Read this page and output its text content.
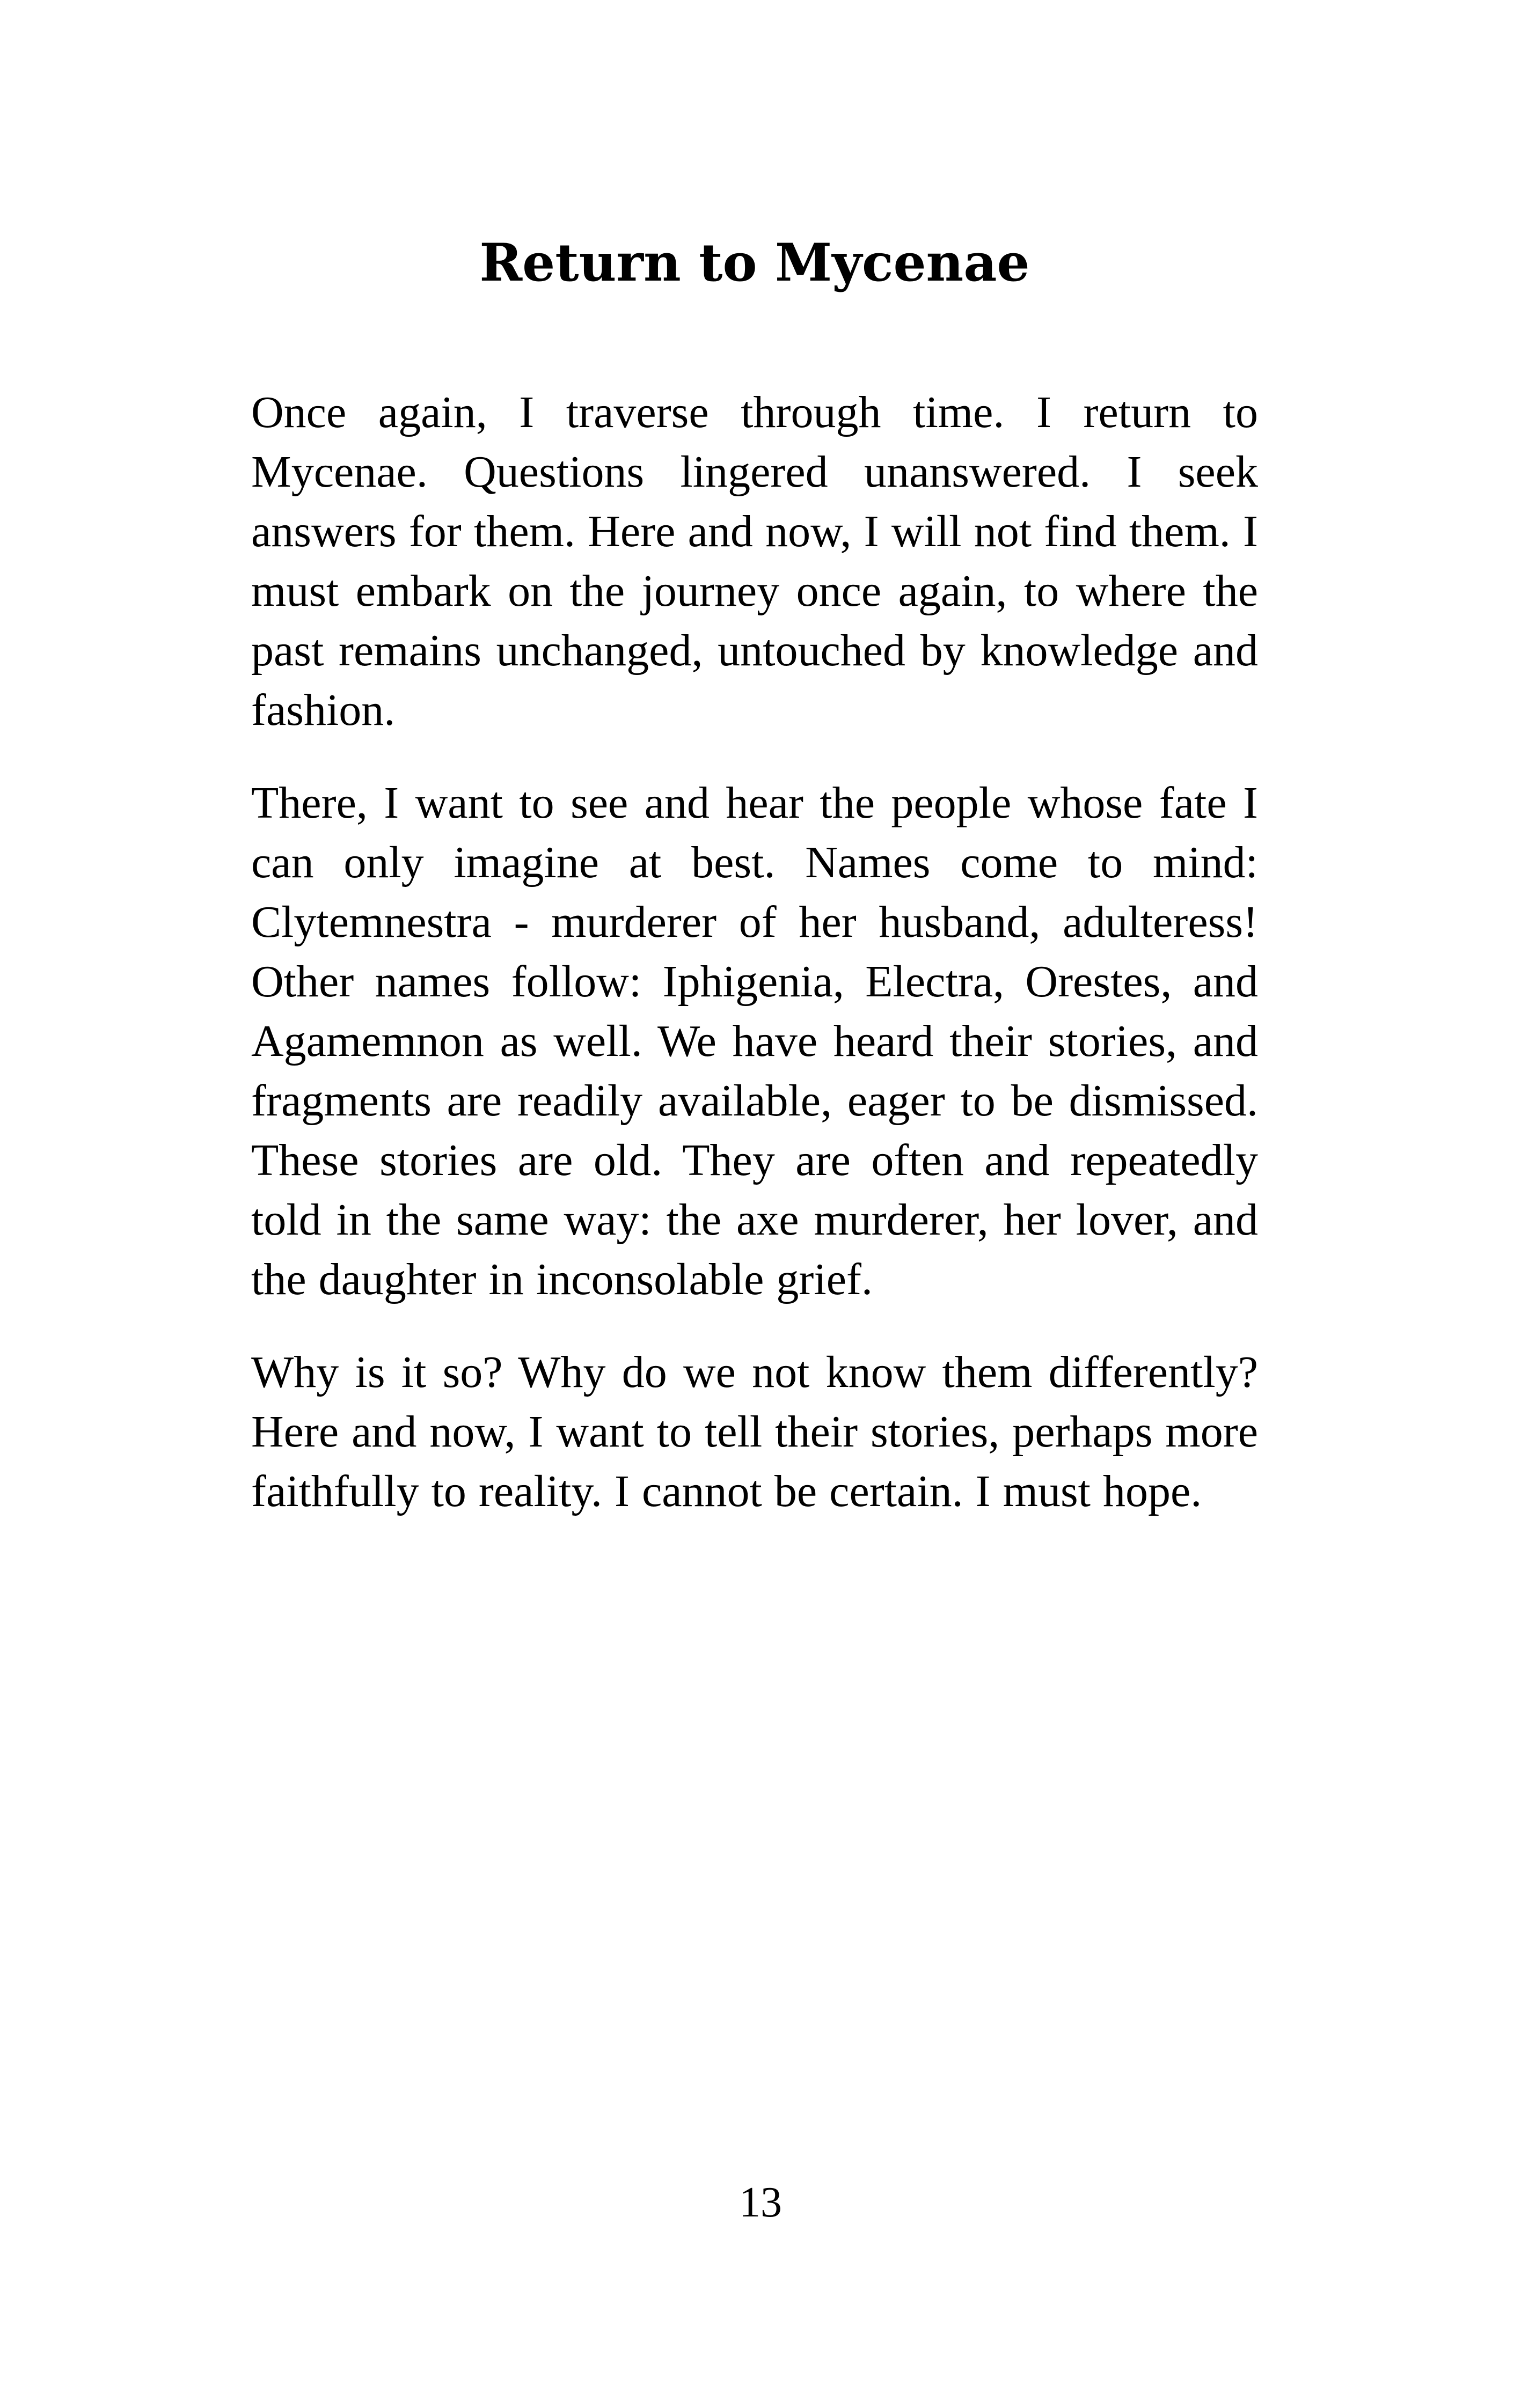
Return to Mycenae

Once again, I traverse through time. I return to Mycenae. Questions lingered unanswered. I seek answers for them. Here and now, I will not find them. I must embark on the journey once again, to where the past remains unchanged, untouched by knowledge and fashion.

There, I want to see and hear the people whose fate I can only imagine at best. Names come to mind: Clytemnestra - murderer of her husband, adulteress! Other names follow: Iphigenia, Electra, Orestes, and Agamemnon as well. We have heard their stories, and fragments are readily available, eager to be dismissed. These stories are old. They are often and repeatedly told in the same way: the axe murderer, her lover, and the daughter in inconsolable grief.

Why is it so? Why do we not know them differently? Here and now, I want to tell their stories, perhaps more faithfully to reality. I cannot be certain. I must hope.

13
